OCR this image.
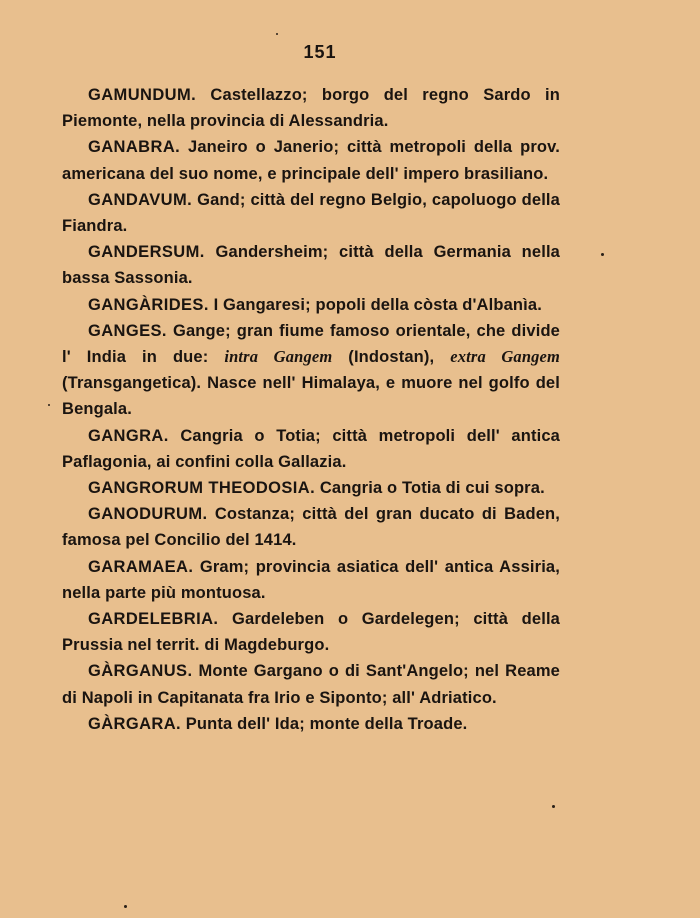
151

GAMUNDUM. Castellazzo; borgo del regno Sardo in Piemonte, nella provincia di Alessandria.

GANABRA. Janeiro o Janerio; città metropoli della prov. americana del suo nome, e principale dell' impero brasiliano.

GANDAVUM. Gand; città del regno Belgio, capoluogo della Fiandra.

GANDERSUM. Gandersheim; città della Germania nella bassa Sassonia.

GANGÀRIDES. I Gangaresi; popoli della còsta d'Albanìa.

GANGES. Gange; gran fiume famoso orientale, che divide l' India in due: intra Gangem (Indostan), extra Gangem (Transgangetica). Nasce nell' Himalaya, e muore nel golfo del Bengala.

GANGRA. Cangria o Totia; città metropoli dell' antica Paflagonia, ai confini colla Gallazia.

GANGRORUM THEODOSIA. Cangria o Totia di cui sopra.

GANODURUM. Costanza; città del gran ducato di Baden, famosa pel Concilio del 1414.

GARAMAEA. Gram; provincia asiatica dell' antica Assiria, nella parte più montuosa.

GARDELEBRIA. Gardeleben o Gardelegen; città della Prussia nel territ. di Magdeburgo.

GÀRGANUS. Monte Gargano o di Sant'Angelo; nel Reame di Napoli in Capitanata fra Irio e Siponto; all' Adriatico.

GÀRGARA. Punta dell' Ida; monte della Troade.
